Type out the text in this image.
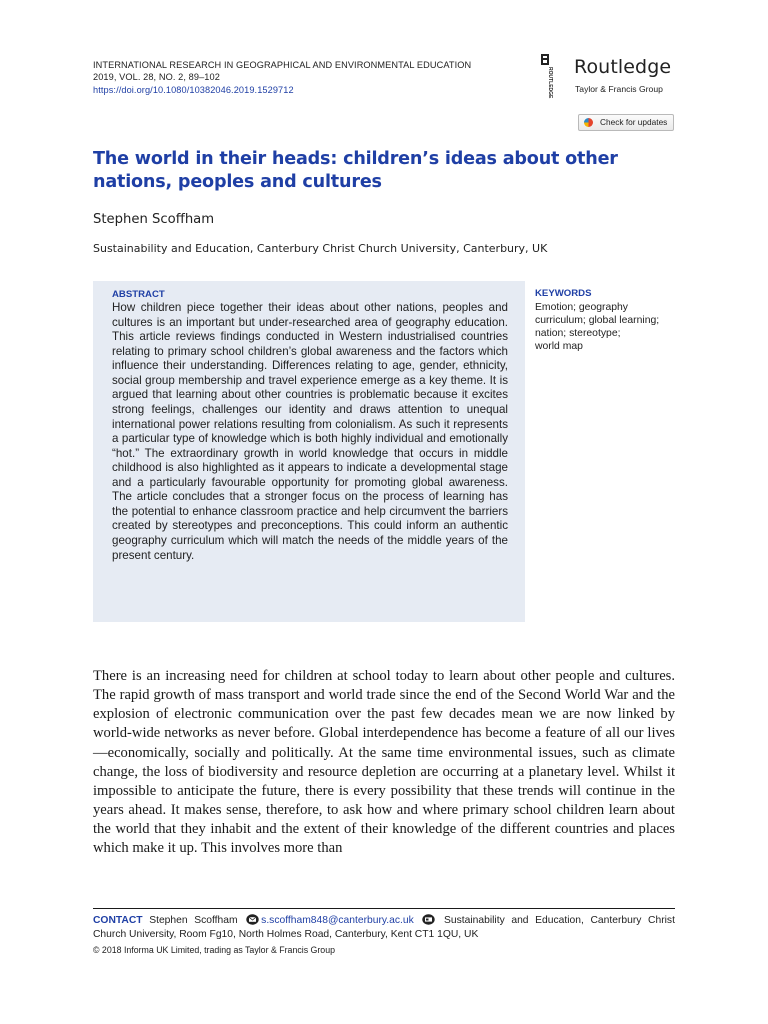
INTERNATIONAL RESEARCH IN GEOGRAPHICAL AND ENVIRONMENTAL EDUCATION
2019, VOL. 28, NO. 2, 89–102
https://doi.org/10.1080/10382046.2019.1529712	ROUTLEDGE Routledge
Taylor & Francis Group
Check for updates
The world in their heads: children’s ideas about other nations, peoples and cultures
Stephen Scoffham
Sustainability and Education, Canterbury Christ Church University, Canterbury, UK
ABSTRACT
How children piece together their ideas about other nations, peoples and cultures is an important but under-researched area of geography education. This article reviews findings conducted in Western industrialised countries relating to primary school children’s global awareness and the factors which influence their understanding. Differences relating to age, gender, ethnicity, social group membership and travel experience emerge as a key theme. It is argued that learning about other countries is problematic because it excites strong feelings, challenges our identity and draws attention to unequal international power relations resulting from colonialism. As such it represents a particular type of knowledge which is both highly individual and emotionally “hot.” The extraordinary growth in world knowledge that occurs in middle childhood is also highlighted as it appears to indicate a developmental stage and a particularly favourable opportunity for promoting global awareness. The article concludes that a stronger focus on the process of learning has the potential to enhance classroom practice and help circumvent the barriers created by stereotypes and preconceptions. This could inform an authentic geography curriculum which will match the needs of the middle years of the present century.
KEYWORDS
Emotion; geography
curriculum; global learning;
nation; stereotype;
world map
There is an increasing need for children at school today to learn about other people and cultures. The rapid growth of mass transport and world trade since the end of the Second World War and the explosion of electronic communication over the past few decades mean we are now linked by world-wide networks as never before. Global interdependence has become a feature of all our lives—economically, socially and politically. At the same time environmental issues, such as climate change, the loss of biodiversity and resource depletion are occurring at a planetary level. Whilst it impossible to anticipate the future, there is every possibility that these trends will continue in the years ahead. It makes sense, therefore, to ask how and where primary school children learn about the world that they inhabit and the extent of their knowledge of the different countries and places which make it up. This involves more than
CONTACT Stephen Scoffham s.scoffham848@canterbury.ac.uk	Sustainability and Education, Canterbury Christ Church University, Room Fg10, North Holmes Road, Canterbury, Kent CT1 1QU, UK
© 2018 Informa UK Limited, trading as Taylor & Francis Group
